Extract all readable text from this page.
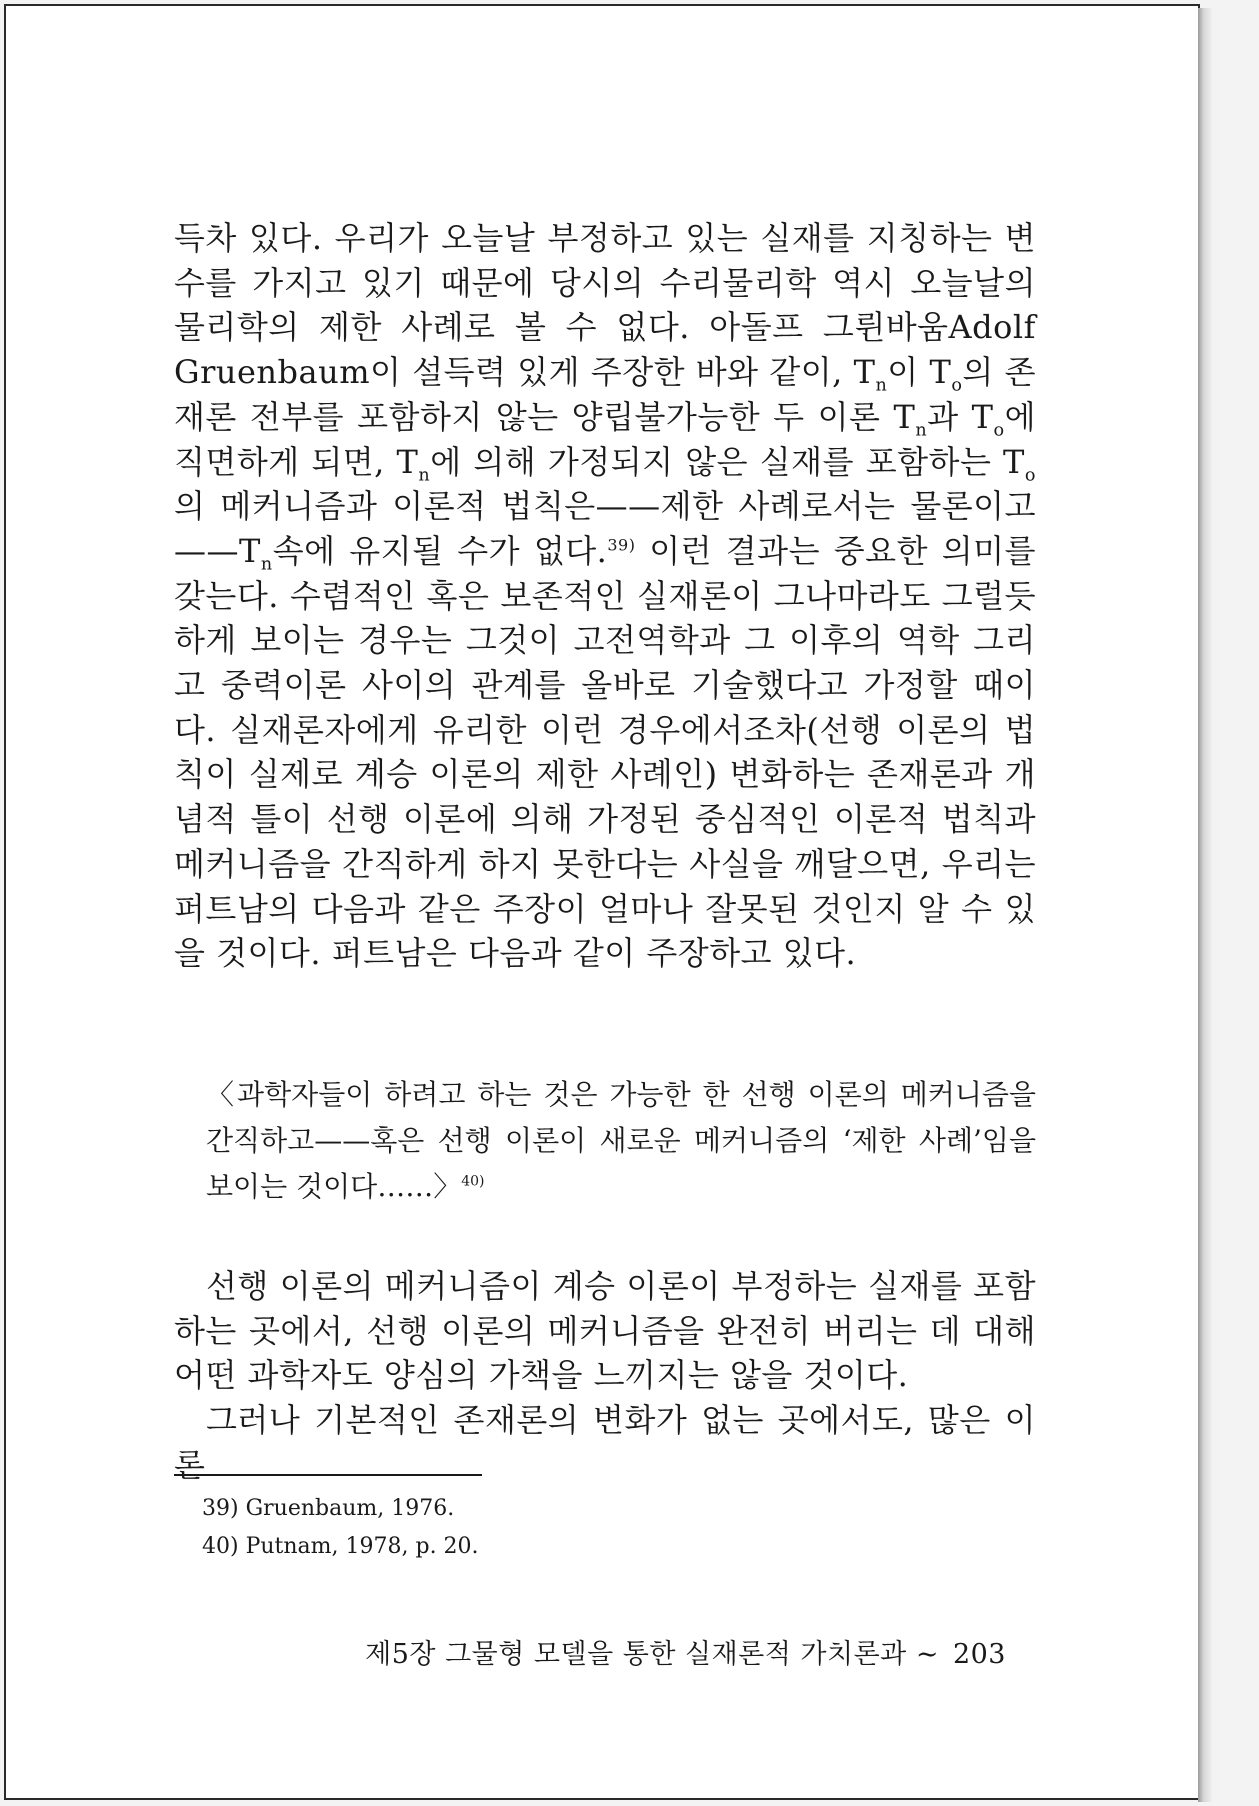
득차 있다. 우리가 오늘날 부정하고 있는 실재를 지칭하는 변수를 가지고 있기 때문에 당시의 수리물리학 역시 오늘날의 물리학의 제한 사례로 볼 수 없다. 아돌프 그륀바움Adolf Gruenbaum이 설득력 있게 주장한 바와 같이, $T_n$이 $T_o$의 존재론 전부를 포함하지 않는 양립불가능한 두 이론 $T_n$과 $T_o$에 직면하게 되면, $T_n$에 의해 가정되지 않은 실재를 포함하는 $T_o$의 메커니즘과 이론적 법칙은——제한 사례로서는 물론이고$——T_n$속에 유지될 수가 없다.$^{39)}$ 이런 결과는 중요한 의미를 갖는다. 수렴적인 혹은 보존적인 실재론이 그나마라도 그럴듯하게 보이는 경우는 그것이 고전역학과 그 이후의 역학 그리고 중력이론 사이의 관계를 올바로 기술했다고 가정할 때이다. 실재론자에게 유리한 이런 경우에서조차(선행 이론의 법칙이 실제로 계승 이론의 제한 사례인) 변화하는 존재론과 개념적 틀이 선행 이론에 의해 가정된 중심적인 이론적 법칙과 메커니즘을 간직하게 하지 못한다는 사실을 깨달으면, 우리는 퍼트남의 다음과 같은 주장이 얼마나 잘못된 것인지 알 수 있을 것이다. 퍼트남은 다음과 같이 주장하고 있다.

〈과학자들이 하려고 하는 것은 가능한 한 선행 이론의 메커니즘을 간직하고——혹은 선행 이론이 새로운 메커니즘의 ‘제한 사례’임을 보이는 것이다……〉$^{40)}$

선행 이론의 메커니즘이 계승 이론이 부정하는 실재를 포함하는 곳에서, 선행 이론의 메커니즘을 완전히 버리는 데 대해 어떤 과학자도 양심의 가책을 느끼지는 않을 것이다.
그러나 기본적인 존재론의 변화가 없는 곳에서도, 많은 이론

39) Gruenbaum, 1976.
40) Putnam, 1978, p. 20.
제5장 그물형 모델을 통한 실재론적 가치론과 ∼ 203
